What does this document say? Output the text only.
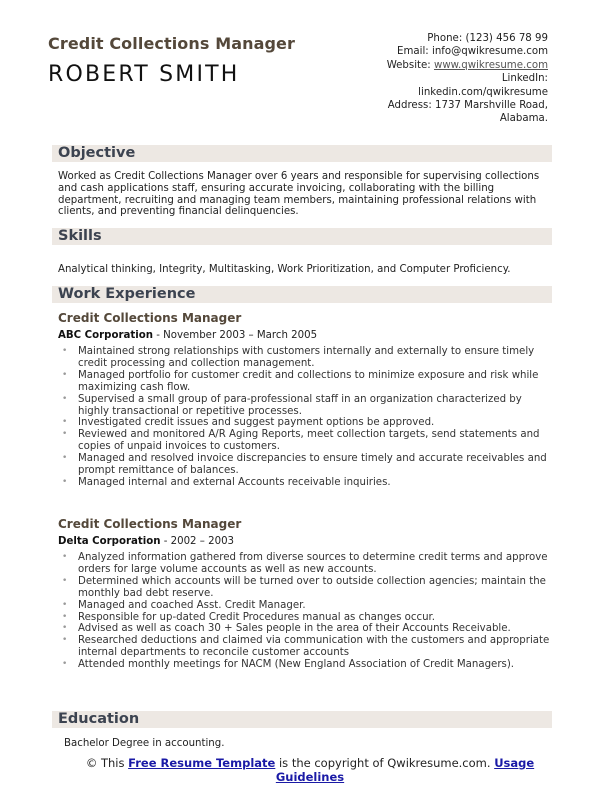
Credit Collections Manager
ROBERT SMITH
Phone: (123) 456 78 99
Email: info@qwikresume.com
Website: www.qwikresume.com
LinkedIn:
linkedin.com/qwikresume
Address: 1737 Marshville Road,
Alabama.
Objective
Worked as Credit Collections Manager over 6 years and responsible for supervising collections and cash applications staff, ensuring accurate invoicing, collaborating with the billing department, recruiting and managing team members, maintaining professional relations with clients, and preventing financial delinquencies.
Skills
Analytical thinking, Integrity, Multitasking, Work Prioritization, and Computer Proficiency.
Work Experience
Credit Collections Manager
ABC Corporation - November 2003 – March 2005
• Maintained strong relationships with customers internally and externally to ensure timely credit processing and collection management.
• Managed portfolio for customer credit and collections to minimize exposure and risk while maximizing cash flow.
• Supervised a small group of para-professional staff in an organization characterized by highly transactional or repetitive processes.
• Investigated credit issues and suggest payment options be approved.
• Reviewed and monitored A/R Aging Reports, meet collection targets, send statements and copies of unpaid invoices to customers.
• Managed and resolved invoice discrepancies to ensure timely and accurate receivables and prompt remittance of balances.
• Managed internal and external Accounts receivable inquiries.
Credit Collections Manager
Delta Corporation - 2002 – 2003
• Analyzed information gathered from diverse sources to determine credit terms and approve orders for large volume accounts as well as new accounts.
• Determined which accounts will be turned over to outside collection agencies; maintain the monthly bad debt reserve.
• Managed and coached Asst. Credit Manager.
• Responsible for up-dated Credit Procedures manual as changes occur.
• Advised as well as coach 30 + Sales people in the area of their Accounts Receivable.
• Researched deductions and claimed via communication with the customers and appropriate internal departments to reconcile customer accounts
• Attended monthly meetings for NACM (New England Association of Credit Managers).
Education
Bachelor Degree in accounting.
© This Free Resume Template is the copyright of Qwikresume.com. Usage Guidelines
